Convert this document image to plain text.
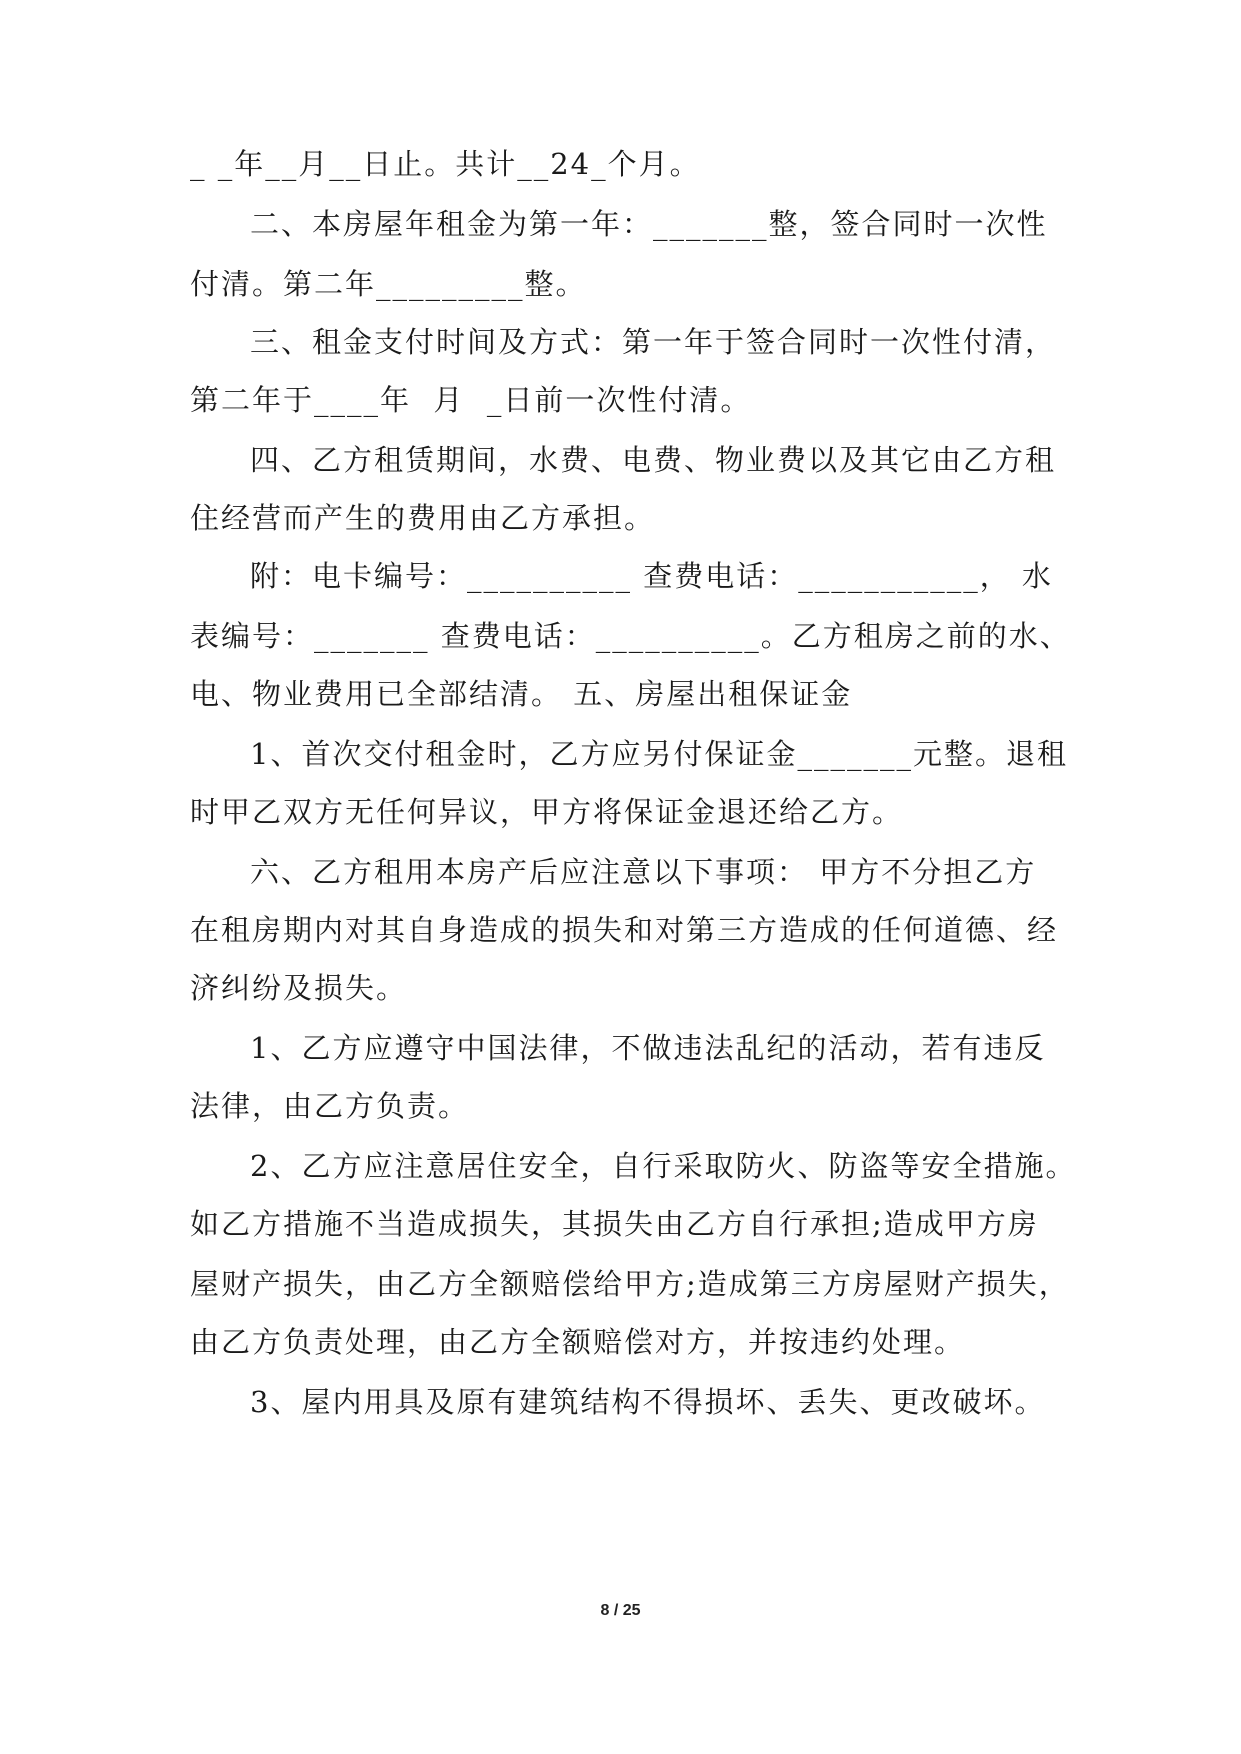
_ _年__月__日止。共计__24_个月。
二、本房屋年租金为第一年：_______整，签合同时一次性
付清。第二年_________整。
三、租金支付时间及方式：第一年于签合同时一次性付清，
第二年于____年  月  _日前一次性付清。
四、乙方租赁期间，水费、电费、物业费以及其它由乙方租
住经营而产生的费用由乙方承担。
附：电卡编号：__________ 查费电话：___________， 水
表编号：_______ 查费电话：__________。乙方租房之前的水、
电、物业费用已全部结清。 五、房屋出租保证金
1、首次交付租金时，乙方应另付保证金_______元整。退租
时甲乙双方无任何异议，甲方将保证金退还给乙方。
六、乙方租用本房产后应注意以下事项： 甲方不分担乙方
在租房期内对其自身造成的损失和对第三方造成的任何道德、经
济纠纷及损失。
1、乙方应遵守中国法律，不做违法乱纪的活动，若有违反
法律，由乙方负责。
2、乙方应注意居住安全，自行采取防火、防盗等安全措施。
如乙方措施不当造成损失，其损失由乙方自行承担;造成甲方房
屋财产损失，由乙方全额赔偿给甲方;造成第三方房屋财产损失，
由乙方负责处理，由乙方全额赔偿对方，并按违约处理。
3、屋内用具及原有建筑结构不得损坏、丢失、更改破坏。
8 / 25
